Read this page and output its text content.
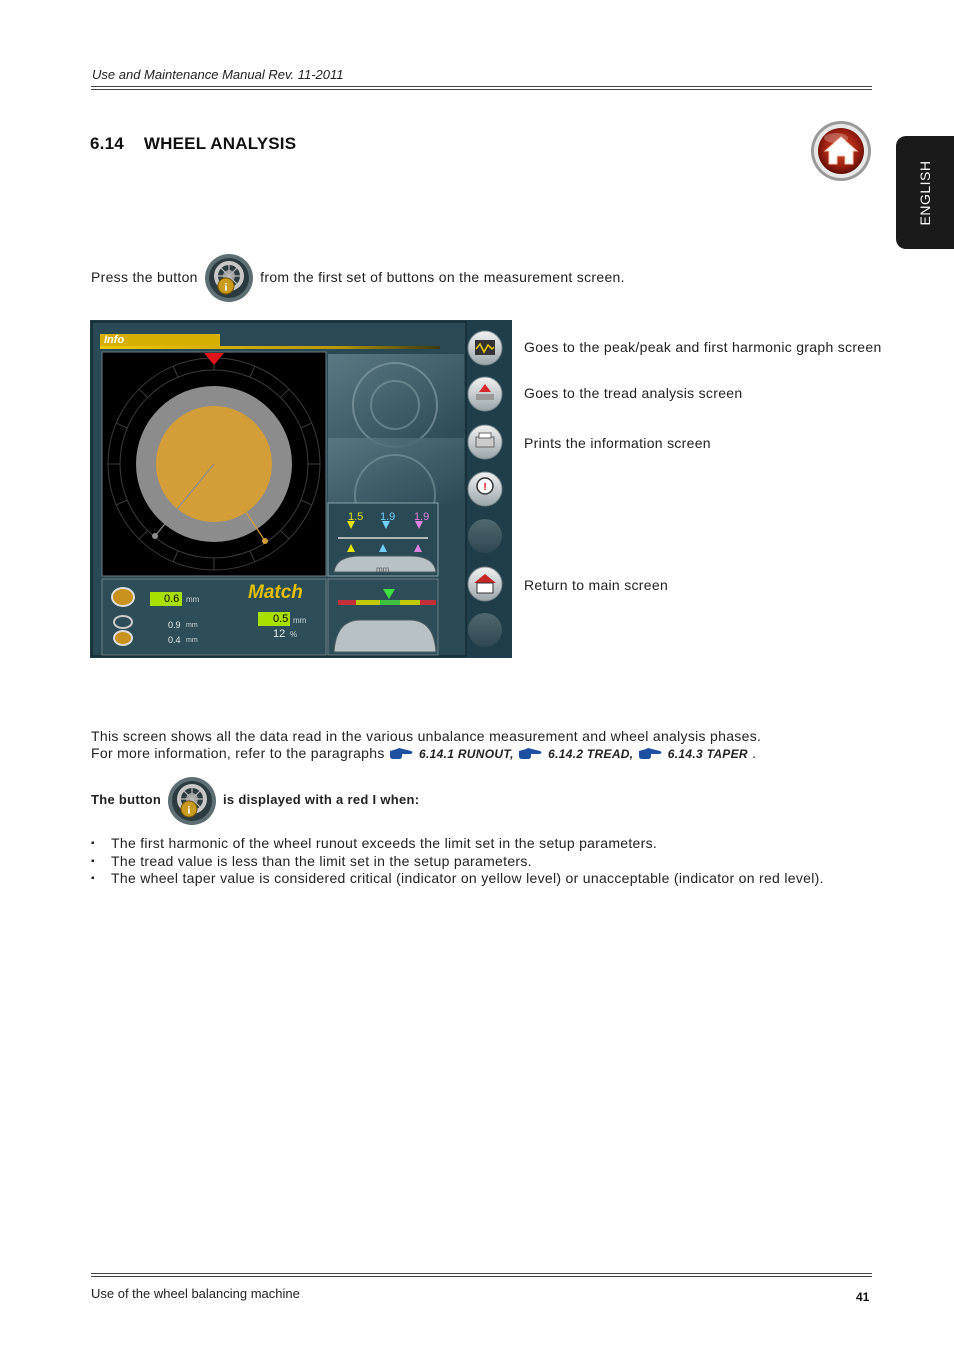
Use and Maintenance Manual Rev. 11-2011
ENGLISH
6.14 WHEEL ANALYSIS
Press the button
i
from the first set of buttons on the measurement screen.
!
Info
1.5 1.9 1.9
mm
Match
0.6 mm
0.9 mm
0.4 mm
0.5 mm
12 %
Goes to the peak/peak and first harmonic graph screen
Goes to the tread analysis screen
Prints the information screen
Return to main screen
This screen shows all the data read in the various unbalance measurement and wheel analysis phases.
For more information, refer to the paragraphs	6.14.1 RUNOUT,	6.14.2 TREAD,	6.14.3 TAPER .
The button
i
is displayed with a red I when:
▪ The first harmonic of the wheel runout exceeds the limit set in the setup parameters.
▪ The tread value is less than the limit set in the setup parameters.
▪ The wheel taper value is considered critical (indicator on yellow level) or unacceptable (indicator on red level).
Use of the wheel balancing machine	41
